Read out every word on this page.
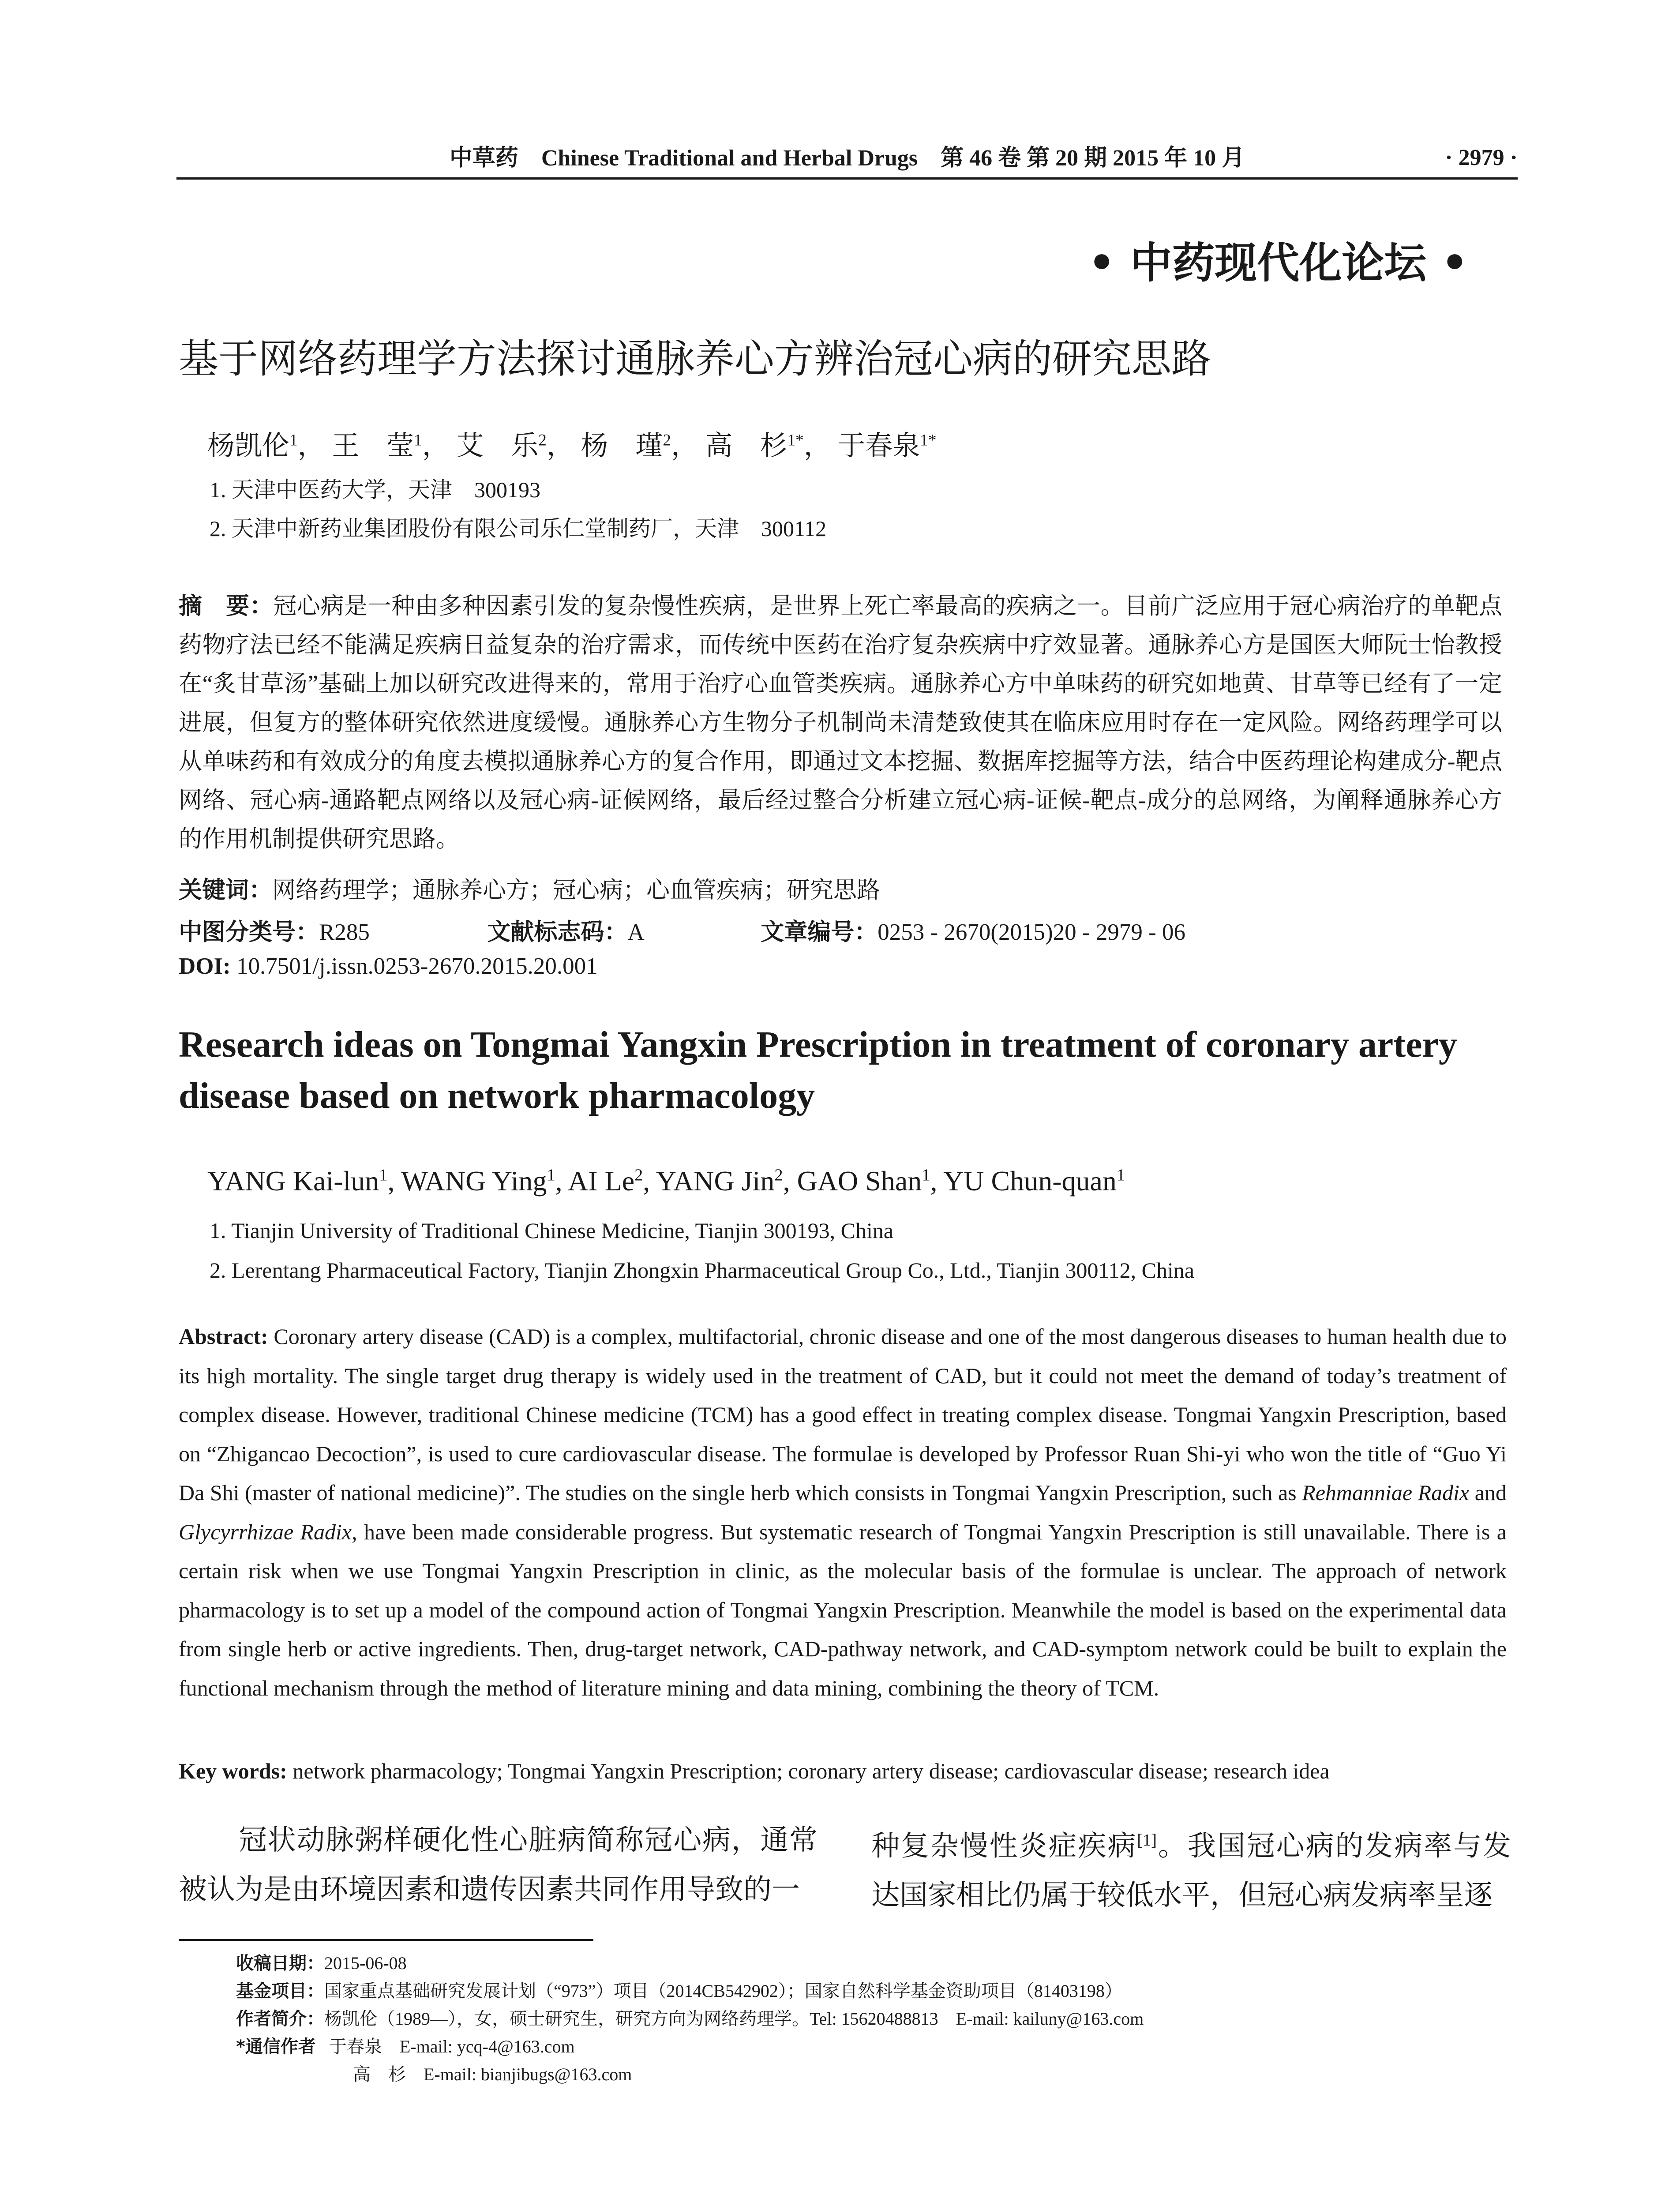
中草药 Chinese Traditional and Herbal Drugs 第 46 卷 第 20 期 2015 年 10 月	· 2979 ·
• 中药现代化论坛 •
基于网络药理学方法探讨通脉养心方辨治冠心病的研究思路
杨凯伦$^1$， 王　莹$^1$， 艾　乐$^2$， 杨　瑾$^2$， 高　杉$^{1*}$， 于春泉$^{1*}$
1. 天津中医药大学，天津　300193
2. 天津中新药业集团股份有限公司乐仁堂制药厂，天津　300112
摘　要：冠心病是一种由多种因素引发的复杂慢性疾病，是世界上死亡率最高的疾病之一。目前广泛应用于冠心病治疗的单靶点药物疗法已经不能满足疾病日益复杂的治疗需求，而传统中医药在治疗复杂疾病中疗效显著。通脉养心方是国医大师阮士怡教授在“炙甘草汤”基础上加以研究改进得来的，常用于治疗心血管类疾病。通脉养心方中单味药的研究如地黄、甘草等已经有了一定进展，但复方的整体研究依然进度缓慢。通脉养心方生物分子机制尚未清楚致使其在临床应用时存在一定风险。网络药理学可以从单味药和有效成分的角度去模拟通脉养心方的复合作用，即通过文本挖掘、数据库挖掘等方法，结合中医药理论构建成分-靶点网络、冠心病-通路靶点网络以及冠心病-证候网络，最后经过整合分析建立冠心病-证候-靶点-成分的总网络，为阐释通脉养心方的作用机制提供研究思路。
关键词：网络药理学；通脉养心方；冠心病；心血管疾病；研究思路
中图分类号：R285	文献标志码：A	文章编号：0253 - 2670(2015)20 - 2979 - 06
DOI: 10.7501/j.issn.0253-2670.2015.20.001
Research ideas on Tongmai Yangxin Prescription in treatment of coronary artery disease based on network pharmacology
YANG Kai-lun$^1$, WANG Ying$^1$, AI Le$^2$, YANG Jin$^2$, GAO Shan$^1$, YU Chun-quan$^1$
1. Tianjin University of Traditional Chinese Medicine, Tianjin 300193, China
2. Lerentang Pharmaceutical Factory, Tianjin Zhongxin Pharmaceutical Group Co., Ltd., Tianjin 300112, China
Abstract: Coronary artery disease (CAD) is a complex, multifactorial, chronic disease and one of the most dangerous diseases to human health due to its high mortality. The single target drug therapy is widely used in the treatment of CAD, but it could not meet the demand of today’s treatment of complex disease. However, traditional Chinese medicine (TCM) has a good effect in treating complex disease. Tongmai Yangxin Prescription, based on “Zhigancao Decoction”, is used to cure cardiovascular disease. The formulae is developed by Professor Ruan Shi-yi who won the title of “Guo Yi Da Shi (master of national medicine)”. The studies on the single herb which consists in Tongmai Yangxin Prescription, such as Rehmanniae Radix and Glycyrrhizae Radix, have been made considerable progress. But systematic research of Tongmai Yangxin Prescription is still unavailable. There is a certain risk when we use Tongmai Yangxin Prescription in clinic, as the molecular basis of the formulae is unclear. The approach of network pharmacology is to set up a model of the compound action of Tongmai Yangxin Prescription. Meanwhile the model is based on the experimental data from single herb or active ingredients. Then, drug-target network, CAD-pathway network, and CAD-symptom network could be built to explain the functional mechanism through the method of literature mining and data mining, combining the theory of TCM.
Key words: network pharmacology; Tongmai Yangxin Prescription; coronary artery disease; cardiovascular disease; research idea
冠状动脉粥样硬化性心脏病简称冠心病，通常被认为是由环境因素和遗传因素共同作用导致的一
种复杂慢性炎症疾病[1]。我国冠心病的发病率与发达国家相比仍属于较低水平，但冠心病发病率呈逐
收稿日期：2015-06-08
基金项目：国家重点基础研究发展计划（“973”）项目（2014CB542902）；国家自然科学基金资助项目（81403198）
作者简介：杨凯伦（1989—），女，硕士研究生，研究方向为网络药理学。Tel: 15620488813　E-mail: kailuny@163.com
*通信作者 于春泉　E-mail: ycq-4@163.com
高　杉　E-mail: bianjibugs@163.com
